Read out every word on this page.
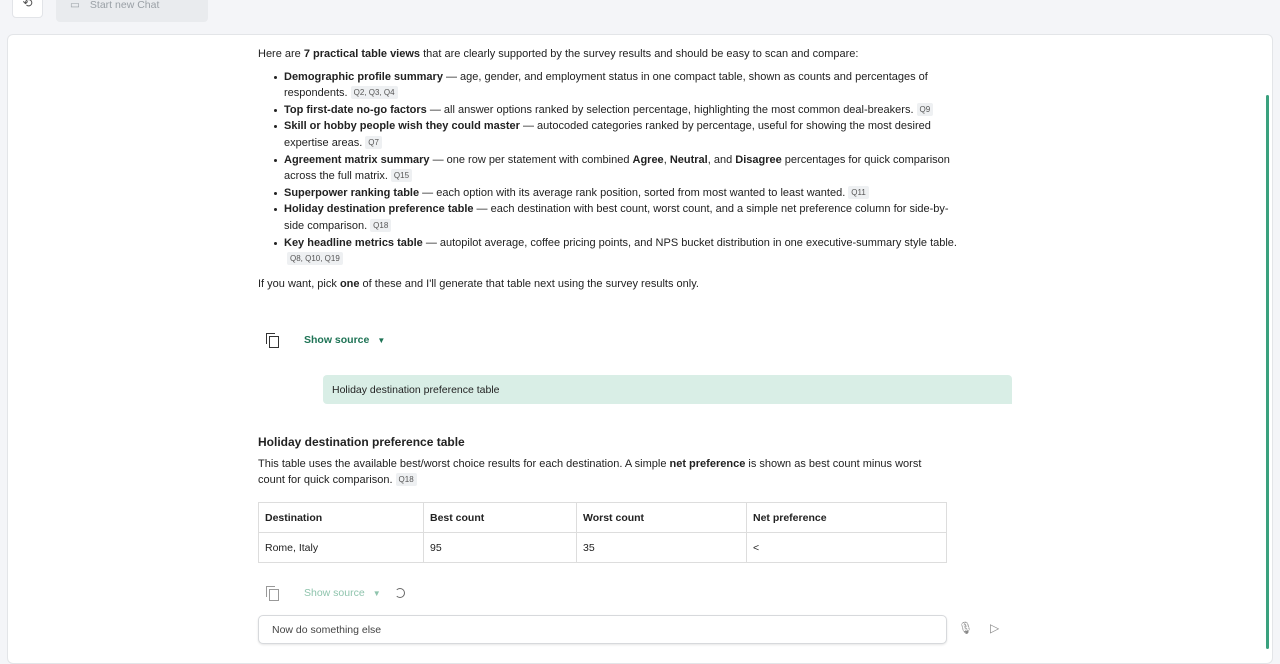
⟲	▭ Start new Chat

Here are 7 practical table views that are clearly supported by the survey results and should be easy to scan and compare:

Demographic profile summary — age, gender, and employment status in one compact table, shown as counts and percentages of respondents. Q2, Q3, Q4
Top first-date no-go factors — all answer options ranked by selection percentage, highlighting the most common deal-breakers. Q9
Skill or hobby people wish they could master — autocoded categories ranked by percentage, useful for showing the most desired expertise areas. Q7
Agreement matrix summary — one row per statement with combined Agree, Neutral, and Disagree percentages for quick comparison across the full matrix. Q15
Superpower ranking table — each option with its average rank position, sorted from most wanted to least wanted. Q11
Holiday destination preference table — each destination with best count, worst count, and a simple net preference column for side-by-side comparison. Q18
Key headline metrics table — autopilot average, coffee pricing points, and NPS bucket distribution in one executive-summary style table.Q8, Q10, Q19

If you want, pick one of these and I'll generate that table next using the survey results only.

Show source ▼
Holiday destination preference table
Holiday destination preference table

This table uses the available best/worst choice results for each destination. A simple net preference is shown as best count minus worst count for quick comparison. Q18

Destination	Best count	Worst count	Net preference
Rome, Italy	95	35	<
Show source ▼
Now do something else
🎙 ▷
